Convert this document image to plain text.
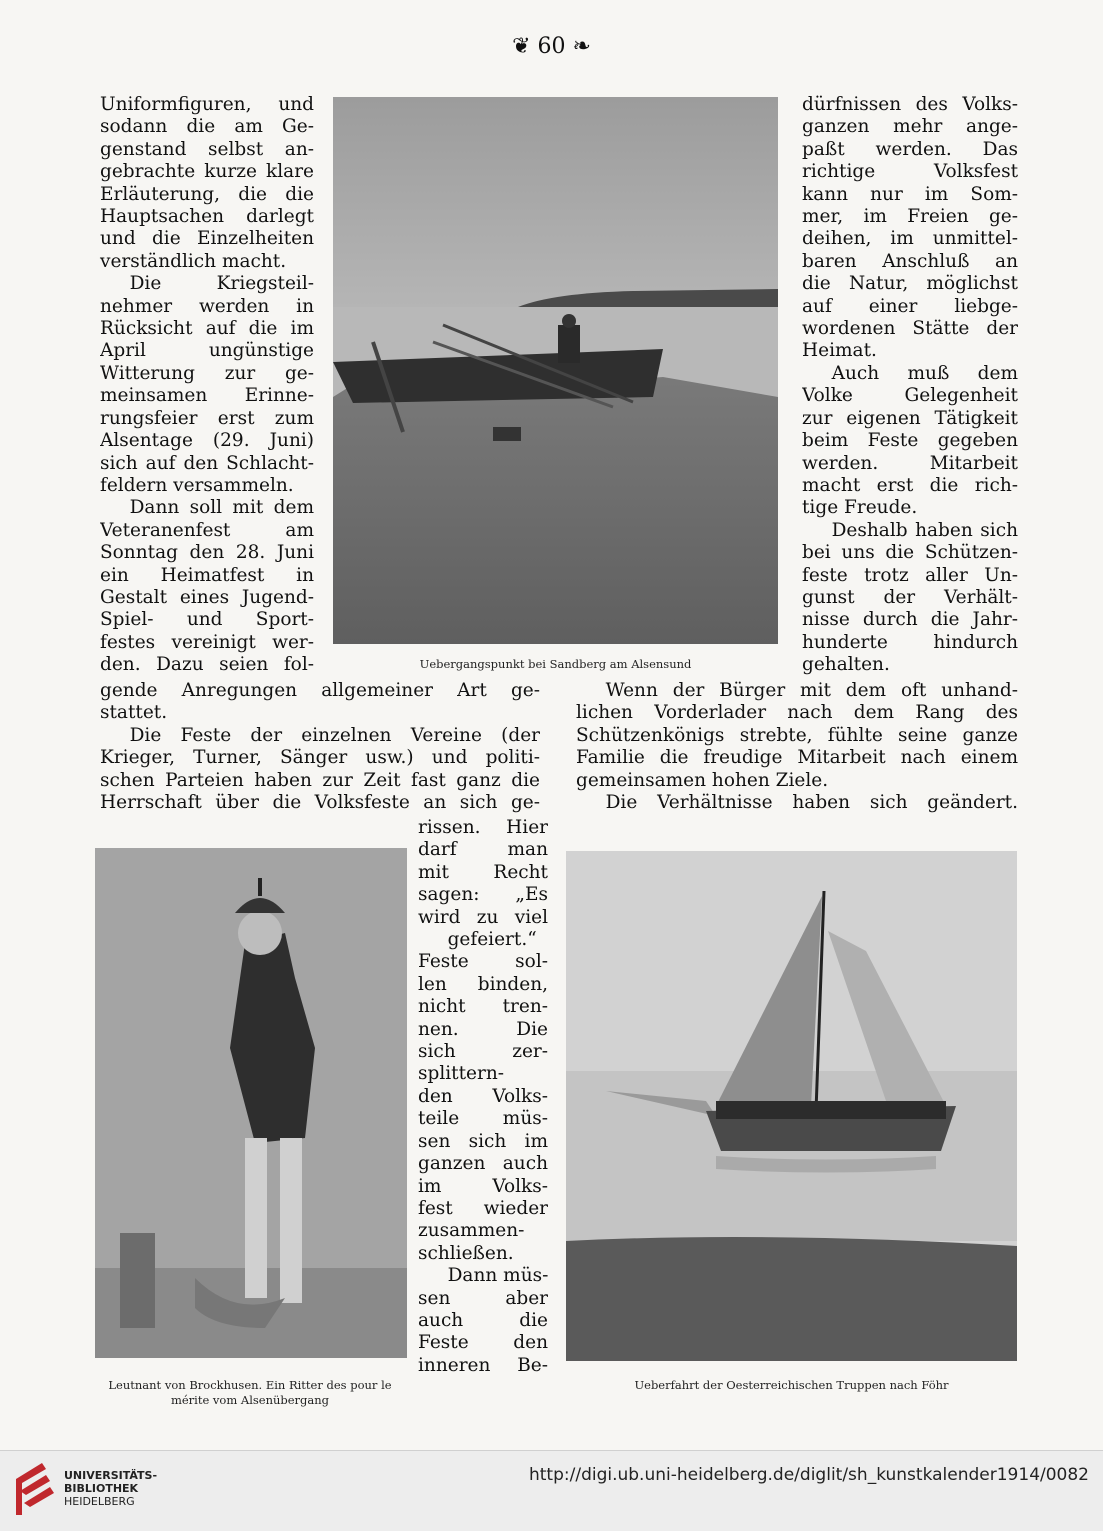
❦ 60 ❧
Uniformfiguren, und
sodann die am Ge-
genstand selbst an-
gebrachte kurze klare
Erläuterung, die die
Hauptsachen darlegt
und die Einzelheiten
verständlich macht.
Die Kriegsteil-
nehmer werden in
Rücksicht auf die im
April ungünstige
Witterung zur ge-
meinsamen Erinne-
rungsfeier erst zum
Alsentage (29. Juni)
sich auf den Schlacht-
feldern versammeln.
Dann soll mit dem
Veteranenfest am
Sonntag den 28. Juni
ein Heimatfest in
Gestalt eines Jugend-
Spiel- und Sport-
festes vereinigt wer-
den. Dazu seien fol-
dürfnissen des Volks-
ganzen mehr ange-
paßt werden. Das
richtige Volksfest
kann nur im Som-
mer, im Freien ge-
deihen, im unmittel-
baren Anschluß an
die Natur, möglichst
auf einer liebge-
wordenen Stätte der
Heimat.
Auch muß dem
Volke Gelegenheit
zur eigenen Tätigkeit
beim Feste gegeben
werden. Mitarbeit
macht erst die rich-
tige Freude.
Deshalb haben sich
bei uns die Schützen-
feste trotz aller Un-
gunst der Verhält-
nisse durch die Jahr-
hunderte hindurch
gehalten.

Uebergangspunkt bei Sandberg am Alsensund

gende Anregungen allgemeiner Art ge-
stattet.
Die Feste der einzelnen Vereine (der
Krieger, Turner, Sänger usw.) und politi-
schen Parteien haben zur Zeit fast ganz die
Herrschaft über die Volksfeste an sich ge-
Wenn der Bürger mit dem oft unhand-
lichen Vorderlader nach dem Rang des
Schützenkönigs strebte, fühlte seine ganze
Familie die freudige Mitarbeit nach einem
gemeinsamen hohen Ziele.
Die Verhältnisse haben sich geändert.
Leutnant von Brockhusen. Ein Ritter des pour le
mérite vom Alsenübergang
rissen. Hier
darf man
mit Recht
sagen: „Es
wird zu viel
gefeiert.“
Feste sol-
len binden,
nicht tren-
nen. Die
sich zer-
splittern-
den Volks-
teile müs-
sen sich im
ganzen auch
im Volks-
fest wieder
zusammen-
schließen.
Dann müs-
sen aber
auch die
Feste den
inneren Be-

Ueberfahrt der Oesterreichischen Truppen nach Föhr

UNIVERSITÄTS-
BIBLIOTHEK
HEIDELBERG
http://digi.ub.uni-heidelberg.de/diglit/sh_kunstkalender1914/0082
